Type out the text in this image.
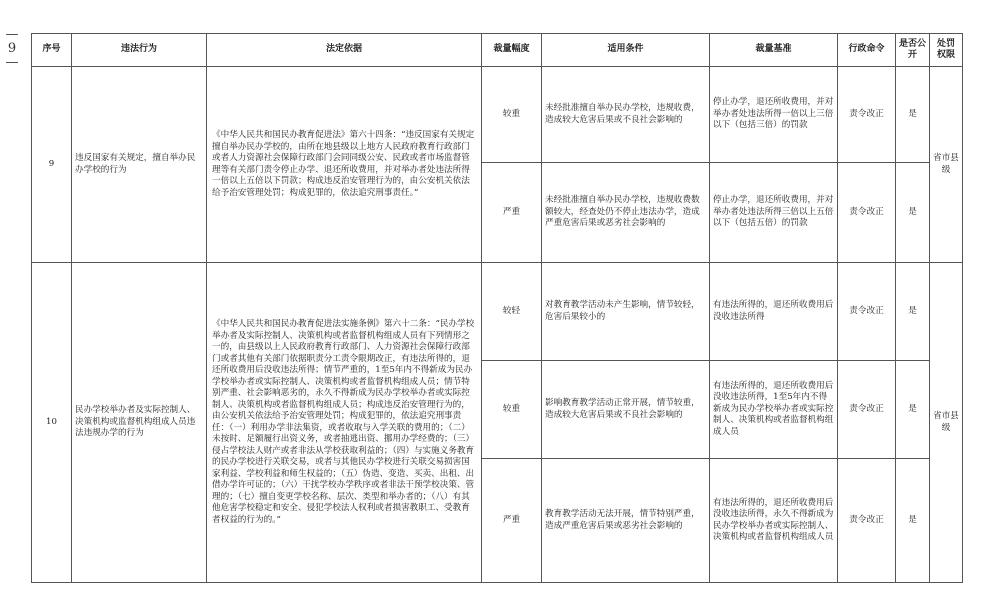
— 9 —
序号	违法行为	法定依据	裁量幅度	适用条件	裁量基准	行政命令	是否公开	处罚权限
9	违反国家有关规定，擅自举办民办学校的行为	《中华人民共和国民办教育促进法》第六十四条：“违反国家有关规定擅自举办民办学校的，由所在地县级以上地方人民政府教育行政部门或者人力资源社会保障行政部门会同同级公安、民政或者市场监督管理等有关部门责令停止办学、退还所收费用，并对举办者处违法所得一倍以上五倍以下罚款；构成违反治安管理行为的，由公安机关依法给予治安管理处罚；构成犯罪的，依法追究刑事责任。”	较重	未经批准擅自举办民办学校，违规收费，造成较大危害后果或不良社会影响的	停止办学，退还所收费用，并对举办者处违法所得一倍以上三倍以下（包括三倍）的罚款	责令改正	是	省市县级
			严重	未经批准擅自举办民办学校，违规收费数额较大，经查处仍不停止违法办学，造成严重危害后果或恶劣社会影响的	停止办学，退还所收费用，并对举办者处违法所得三倍以上五倍以下（包括五倍）的罚款	责令改正	是	
10	民办学校举办者及实际控制人、决策机构或监督机构组成人员违法违规办学的行为	《中华人民共和国民办教育促进法实施条例》第六十二条：“民办学校举办者及实际控制人、决策机构或者监督机构组成人员有下列情形之一的，由县级以上人民政府教育行政部门、人力资源社会保障行政部门或者其他有关部门依据职责分工责令限期改正，有违法所得的，退还所收费用后没收违法所得；情节严重的，1至5年内不得新成为民办学校举办者或实际控制人、决策机构或者监督机构组成人员；情节特别严重、社会影响恶劣的，永久不得新成为民办学校举办者或实际控制人、决策机构或者监督机构组成人员；构成违反治安管理行为的，由公安机关依法给予治安管理处罚；构成犯罪的，依法追究刑事责任：（一）利用办学非法集资，或者收取与入学关联的费用的；（二）未按时、足额履行出资义务，或者抽逃出资、挪用办学经费的；（三）侵占学校法人财产或者非法从学校获取利益的；（四）与实施义务教育的民办学校进行关联交易，或者与其他民办学校进行关联交易损害国家利益、学校利益和师生权益的；（五）伪造、变造、买卖、出租、出借办学许可证的；（六）干扰学校办学秩序或者非法干预学校决策、管理的；（七）擅自变更学校名称、层次、类型和举办者的；（八）有其他危害学校稳定和安全、侵犯学校法人权利或者损害教职工、受教育者权益的行为的。”	较轻	对教育教学活动未产生影响，情节较轻，危害后果较小的	有违法所得的，退还所收费用后没收违法所得	责令改正	是	省市县级
			较重	影响教育教学活动正常开展，情节较重，造成较大危害后果或不良社会影响的	有违法所得的，退还所收费用后没收违法所得，1至5年内不得新成为民办学校举办者或实际控制人、决策机构或者监督机构组成人员	责令改正	是	
			严重	教育教学活动无法开展，情节特别严重，造成严重危害后果或恶劣社会影响的	有违法所得的，退还所收费用后没收违法所得，永久不得新成为民办学校举办者或实际控制人、决策机构或者监督机构组成人员	责令改正	是	
